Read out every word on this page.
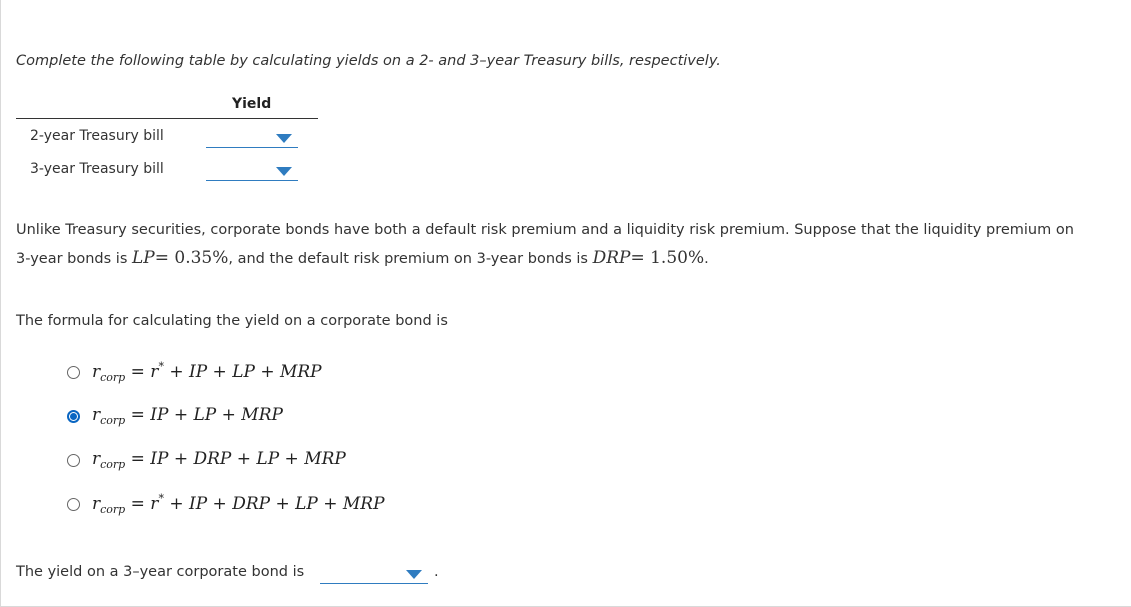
Complete the following table by calculating yields on a 2- and 3–year Treasury bills, respectively.
Yield
2-year Treasury bill
3-year Treasury bill
Unlike Treasury securities, corporate bonds have both a default risk premium and a liquidity risk premium. Suppose that the liquidity premium on
3-year bonds is LP= 0.35%, and the default risk premium on 3-year bonds is DRP= 1.50%.
The formula for calculating the yield on a corporate bond is
$r_{corp} = r^*$ + IP + LP + MRP
$r_{corp}$ = IP + LP + MRP
$r_{corp}$ = IP + DRP + LP + MRP
$r_{corp} = r^*$ + IP + DRP + LP + MRP
The yield on a 3–year corporate bond is	.
